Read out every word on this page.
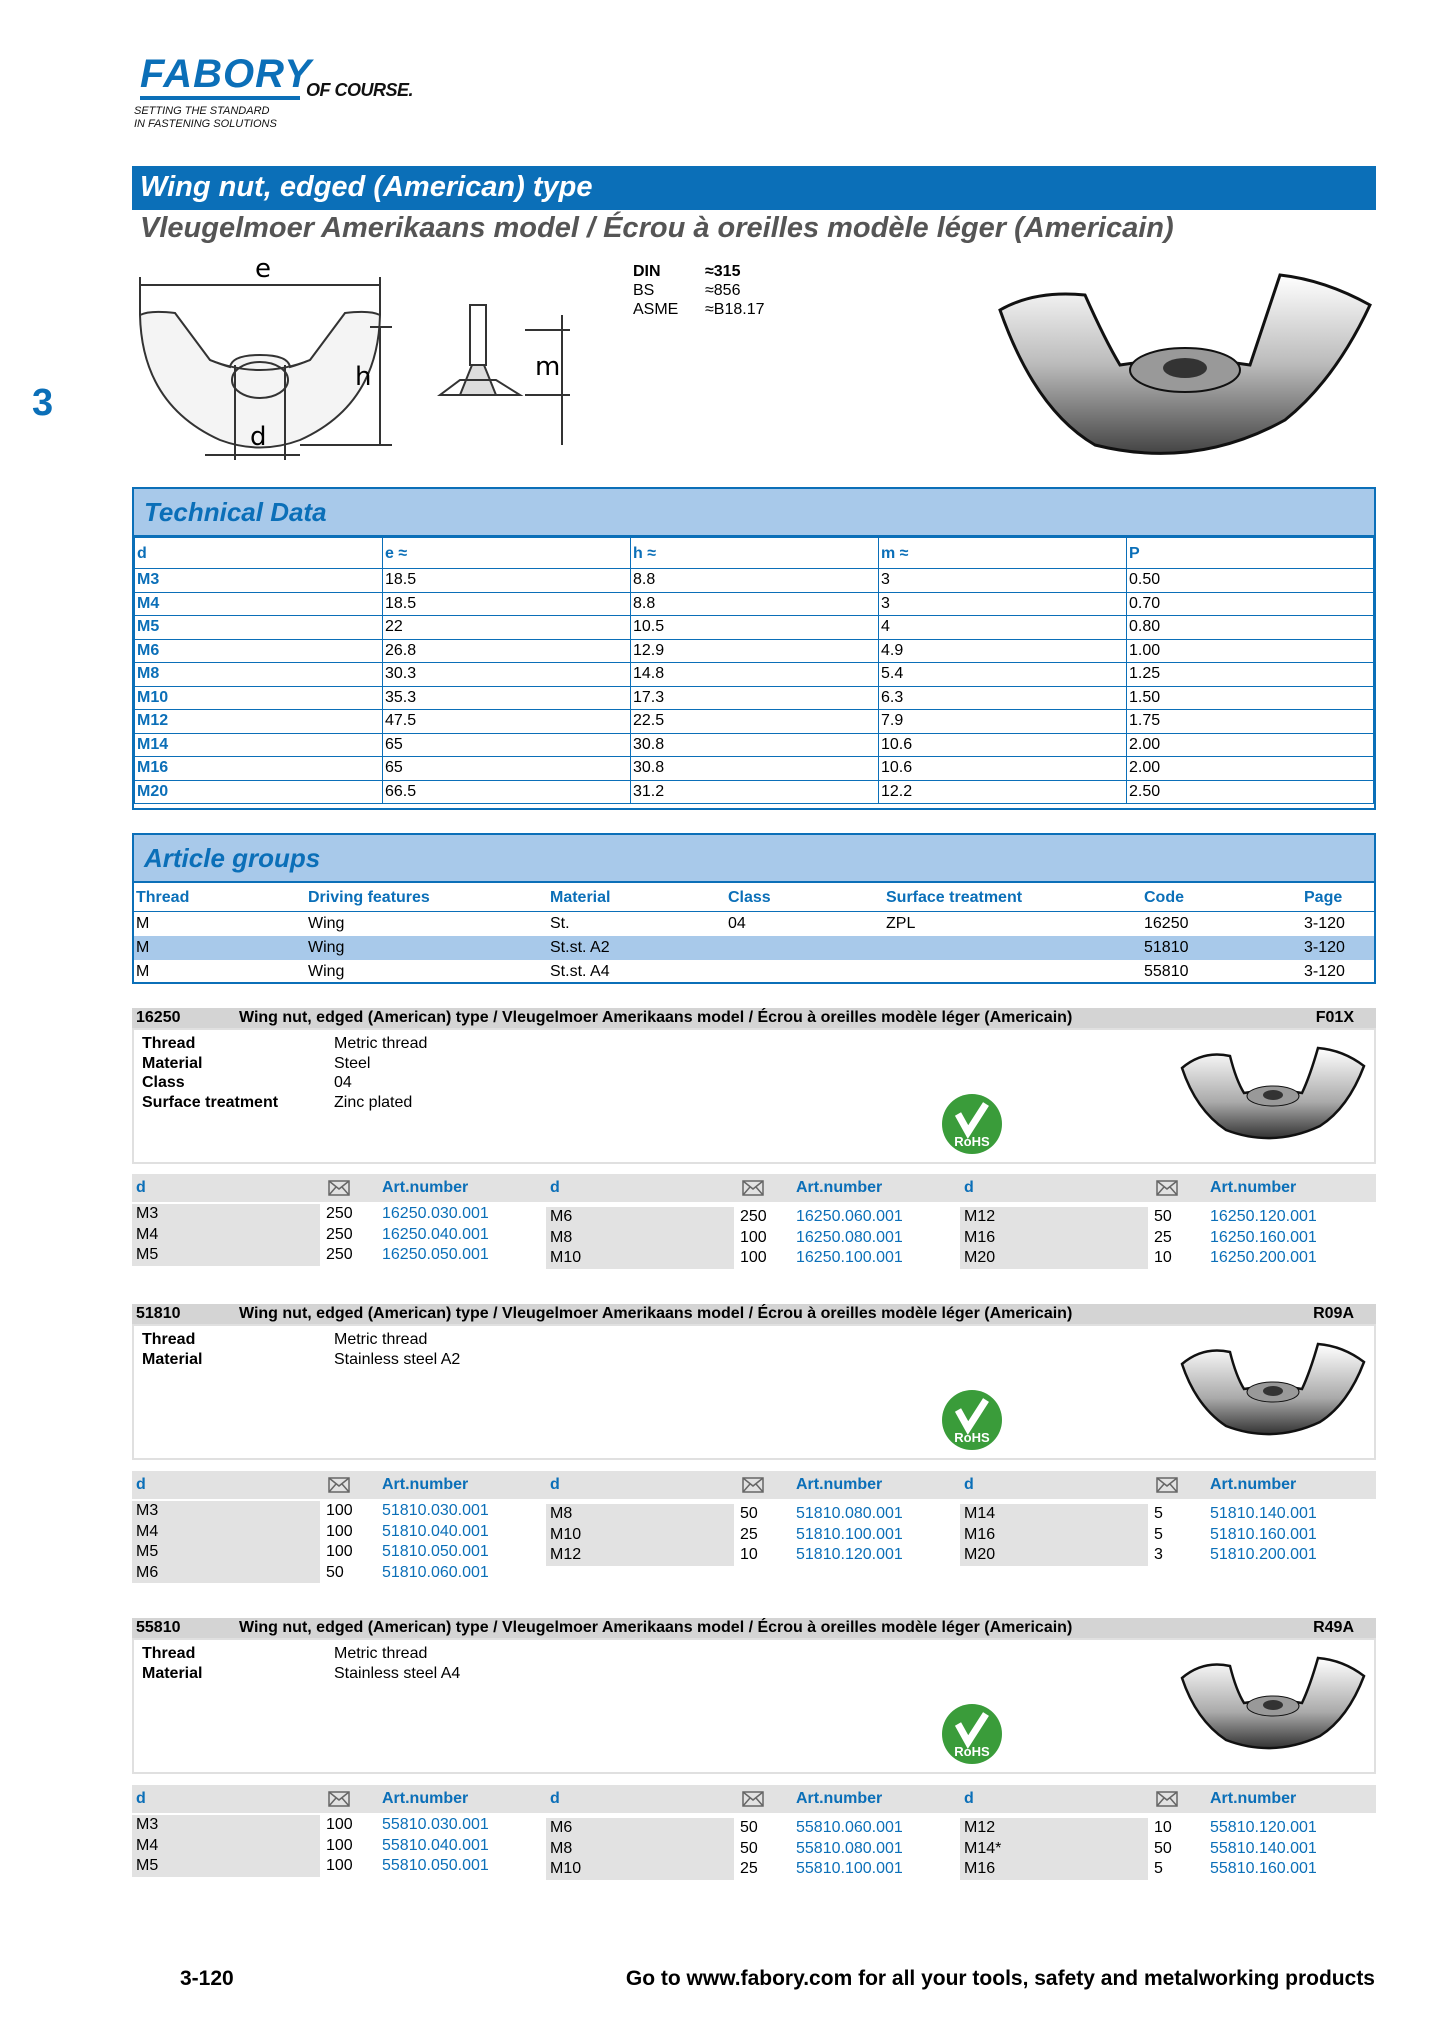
FABORY
OF COURSE.
SETTING THE STANDARD
IN FASTENING SOLUTIONS
3
Wing nut, edged (American) type
Vleugelmoer Amerikaans model / Écrou à oreilles modèle léger (Americain)
e
h
d
m
DIN	≈315
BS	≈856
ASME ≈B18.17
Technical Data
d	e ≈	h ≈	m ≈	P
M3	18.5	8.8	3	0.50
M4	18.5	8.8	3	0.70
M5	22	10.5	4	0.80
M6	26.8	12.9	4.9	1.00
M8	30.3	14.8	5.4	1.25
M10	35.3	17.3	6.3	1.50
M12	47.5	22.5	7.9	1.75
M14	65	30.8	10.6	2.00
M16	65	30.8	10.6	2.00
M20	66.5	31.2	12.2	2.50
Article groups
Thread	Driving features	Material	Class	Surface treatment	Code	Page
M	Wing	St.	04	ZPL	16250	3-120
M	Wing	St.st. A2			51810	3-120
M	Wing	St.st. A4			55810	3-120
16250	Wing nut, edged (American) type / Vleugelmoer Amerikaans model / Écrou à oreilles modèle léger (Americain)	F01X
Thread	Metric thread
Material	Steel
Class	04
Surface treatment	Zinc plated
RoHS
d	Art.number	d	Art.number	d	Art.number
M3	250 16250.030.001
M4	250 16250.040.001
M5	250 16250.050.001
M6	250 16250.060.001
M8	100 16250.080.001
M10	100 16250.100.001
M12	50 16250.120.001
M16	25 16250.160.001
M20	10 16250.200.001
51810	Wing nut, edged (American) type / Vleugelmoer Amerikaans model / Écrou à oreilles modèle léger (Americain)	R09A
Thread	Metric thread
Material	Stainless steel A2
RoHS
d	Art.number	d	Art.number	d	Art.number
M3	100 51810.030.001
M4	100 51810.040.001
M5	100 51810.050.001
M6	50 51810.060.001
M8	50 51810.080.001
M10	25 51810.100.001
M12	10 51810.120.001
M14	5	51810.140.001
M16	5	51810.160.001
M20	3	51810.200.001
55810	Wing nut, edged (American) type / Vleugelmoer Amerikaans model / Écrou à oreilles modèle léger (Americain)	R49A
Thread	Metric thread
Material	Stainless steel A4
RoHS
d	Art.number	d	Art.number	d	Art.number
M3	100 55810.030.001
M4	100 55810.040.001
M5	100 55810.050.001
M6	50 55810.060.001
M8	50 55810.080.001
M10	25 55810.100.001
M12	10 55810.120.001
M14*	50 55810.140.001
M16	5	55810.160.001
3-120	Go to www.fabory.com for all your tools, safety and metalworking products
